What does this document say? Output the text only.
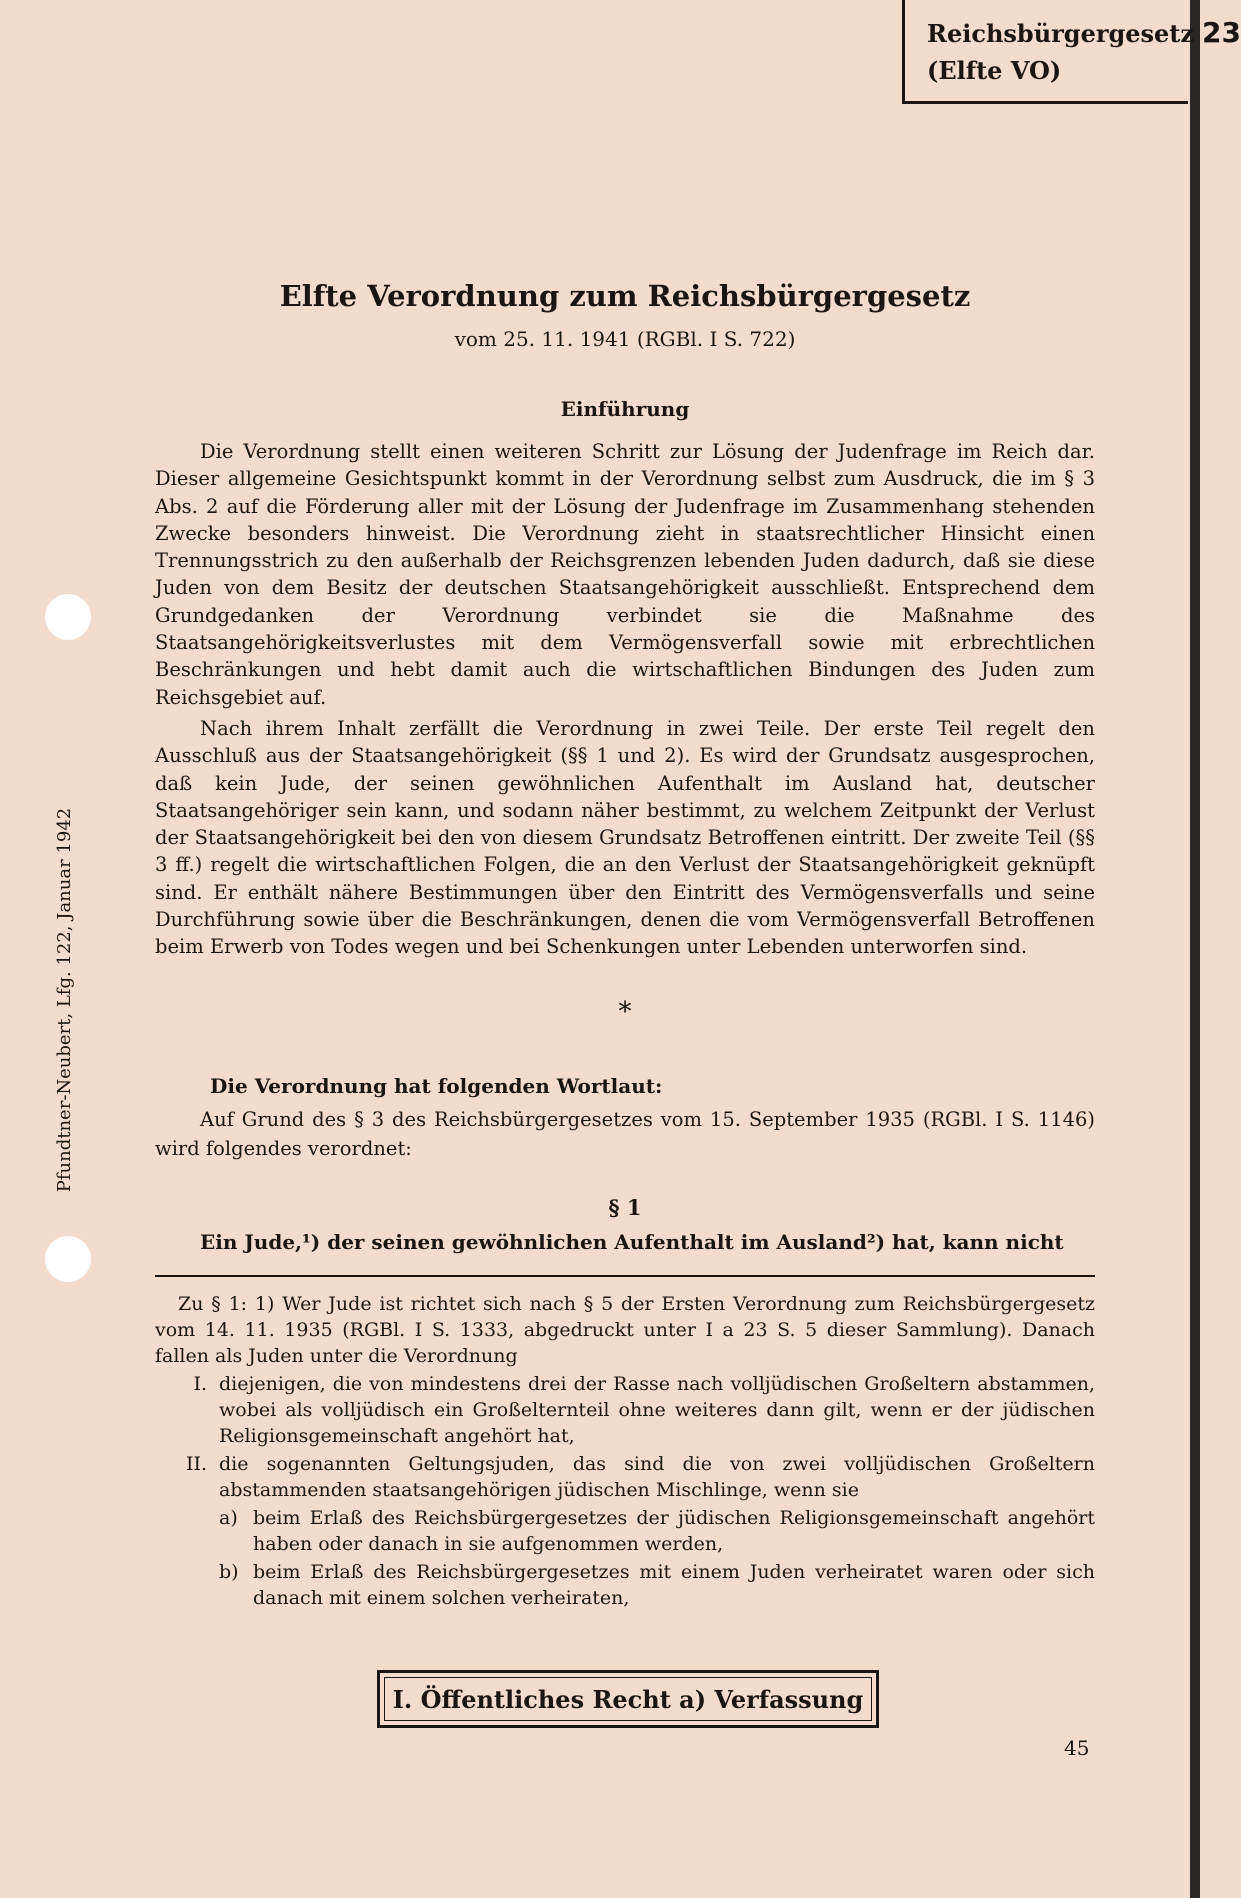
Reichsbürgergesetz 23
(Elfte VO)
Pfundtner-Neubert, Lfg. 122, Januar 1942
Elfte Verordnung zum Reichsbürgergesetz
vom 25. 11. 1941 (RGBl. I S. 722)
Einführung

Die Verordnung stellt einen weiteren Schritt zur Lösung der Judenfrage im Reich dar. Dieser allgemeine Gesichtspunkt kommt in der Verordnung selbst zum Ausdruck, die im § 3 Abs. 2 auf die Förderung aller mit der Lösung der Judenfrage im Zusammenhang stehenden Zwecke besonders hinweist. Die Verordnung zieht in staatsrechtlicher Hinsicht einen Trennungsstrich zu den außerhalb der Reichsgrenzen lebenden Juden dadurch, daß sie diese Juden von dem Besitz der deutschen Staatsangehörigkeit ausschließt. Entsprechend dem Grundgedanken der Verordnung verbindet sie die Maßnahme des Staatsangehörigkeitsverlustes mit dem Vermögensverfall sowie mit erbrechtlichen Beschränkungen und hebt damit auch die wirtschaftlichen Bindungen des Juden zum Reichsgebiet auf.

Nach ihrem Inhalt zerfällt die Verordnung in zwei Teile. Der erste Teil regelt den Ausschluß aus der Staatsangehörigkeit (§§ 1 und 2). Es wird der Grundsatz ausgesprochen, daß kein Jude, der seinen gewöhnlichen Aufenthalt im Ausland hat, deutscher Staatsangehöriger sein kann, und sodann näher bestimmt, zu welchem Zeitpunkt der Verlust der Staatsangehörigkeit bei den von diesem Grundsatz Betroffenen eintritt. Der zweite Teil (§§ 3 ff.) regelt die wirtschaftlichen Folgen, die an den Verlust der Staatsangehörigkeit geknüpft sind. Er enthält nähere Bestimmungen über den Eintritt des Vermögensverfalls und seine Durchführung sowie über die Beschränkungen, denen die vom Vermögensverfall Betroffenen beim Erwerb von Todes wegen und bei Schenkungen unter Lebenden unterworfen sind.

*
Die Verordnung hat folgenden Wortlaut:
Auf Grund des § 3 des Reichsbürgergesetzes vom 15. September 1935 (RGBl. I S. 1146) wird folgendes verordnet:
§ 1
Ein Jude,¹) der seinen gewöhnlichen Aufenthalt im Ausland²) hat, kann nicht
Zu § 1: 1) Wer Jude ist richtet sich nach § 5 der Ersten Verordnung zum Reichsbürgergesetz vom 14. 11. 1935 (RGBl. I S. 1333, abgedruckt unter I a 23 S. 5 dieser Sammlung). Danach fallen als Juden unter die Verordnung
I. diejenigen, die von mindestens drei der Rasse nach volljüdischen Großeltern abstammen, wobei als volljüdisch ein Großelternteil ohne weiteres dann gilt, wenn er der jüdischen Religionsgemeinschaft angehört hat,
II. die sogenannten Geltungsjuden, das sind die von zwei volljüdischen Großeltern abstammenden staatsangehörigen jüdischen Mischlinge, wenn sie
a) beim Erlaß des Reichsbürgergesetzes der jüdischen Religionsgemeinschaft angehört haben oder danach in sie aufgenommen werden,
b) beim Erlaß des Reichsbürgergesetzes mit einem Juden verheiratet waren oder sich danach mit einem solchen verheiraten,
I. Öffentliches Recht a) Verfassung
45
